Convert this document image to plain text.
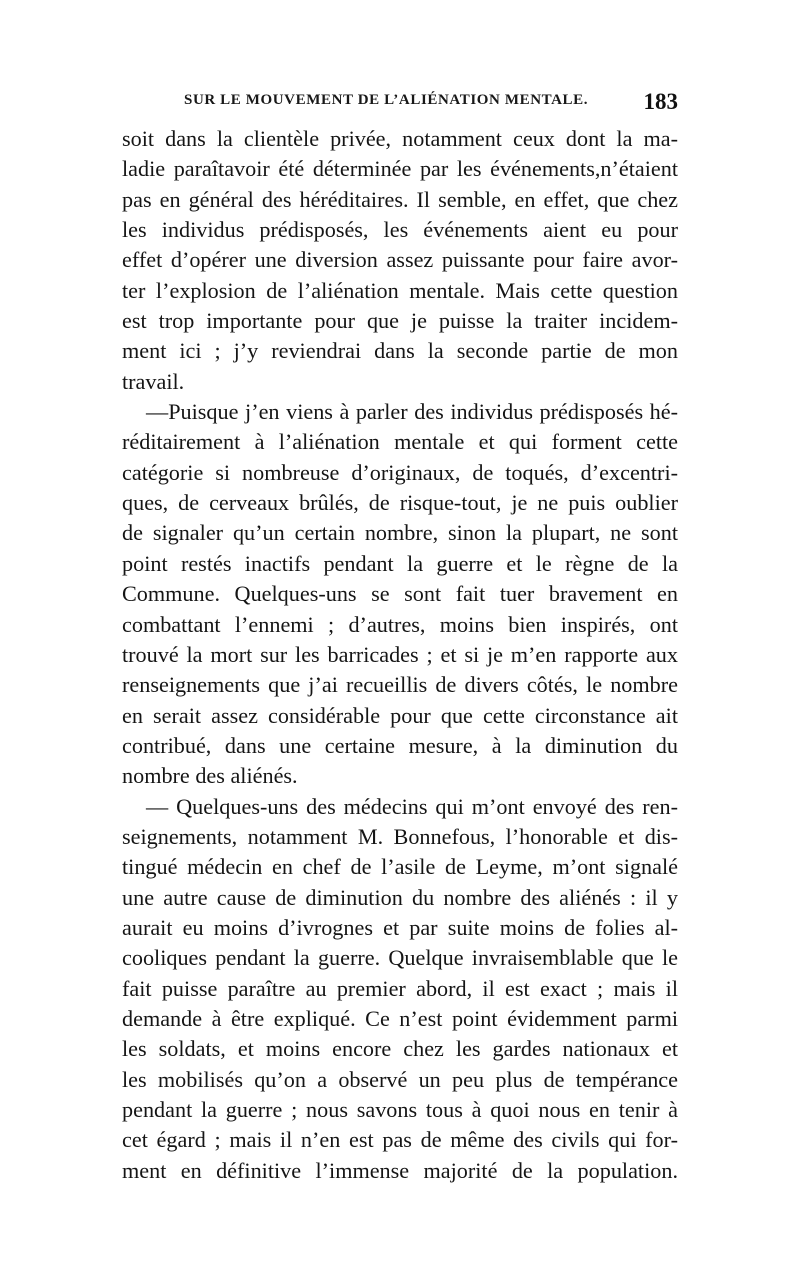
SUR LE MOUVEMENT DE L’ALIÉNATION MENTALE. 183
soit dans la clientèle privée, notamment ceux dont la ma-
ladie paraîtavoir été déterminée par les événements,n’étaient
pas en général des héréditaires. Il semble, en effet, que chez
les individus prédisposés, les événements aient eu pour
effet d’opérer une diversion assez puissante pour faire avor-
ter l’explosion de l’aliénation mentale. Mais cette question
est trop importante pour que je puisse la traiter incidem-
ment ici ; j’y reviendrai dans la seconde partie de mon
travail.
—Puisque j’en viens à parler des individus prédisposés hé-
réditairement à l’aliénation mentale et qui forment cette
catégorie si nombreuse d’originaux, de toqués, d’excentri-
ques, de cerveaux brûlés, de risque-tout, je ne puis oublier
de signaler qu’un certain nombre, sinon la plupart, ne sont
point restés inactifs pendant la guerre et le règne de la
Commune. Quelques-uns se sont fait tuer bravement en
combattant l’ennemi ; d’autres, moins bien inspirés, ont
trouvé la mort sur les barricades ; et si je m’en rapporte aux
renseignements que j’ai recueillis de divers côtés, le nombre
en serait assez considérable pour que cette circonstance ait
contribué, dans une certaine mesure, à la diminution du
nombre des aliénés.
— Quelques-uns des médecins qui m’ont envoyé des ren-
seignements, notamment M. Bonnefous, l’honorable et dis-
tingué médecin en chef de l’asile de Leyme, m’ont signalé
une autre cause de diminution du nombre des aliénés : il y
aurait eu moins d’ivrognes et par suite moins de folies al-
cooliques pendant la guerre. Quelque invraisemblable que le
fait puisse paraître au premier abord, il est exact ; mais il
demande à être expliqué. Ce n’est point évidemment parmi
les soldats, et moins encore chez les gardes nationaux et
les mobilisés qu’on a observé un peu plus de tempérance
pendant la guerre ; nous savons tous à quoi nous en tenir à
cet égard ; mais il n’en est pas de même des civils qui for-
ment en définitive l’immense majorité de la population.
